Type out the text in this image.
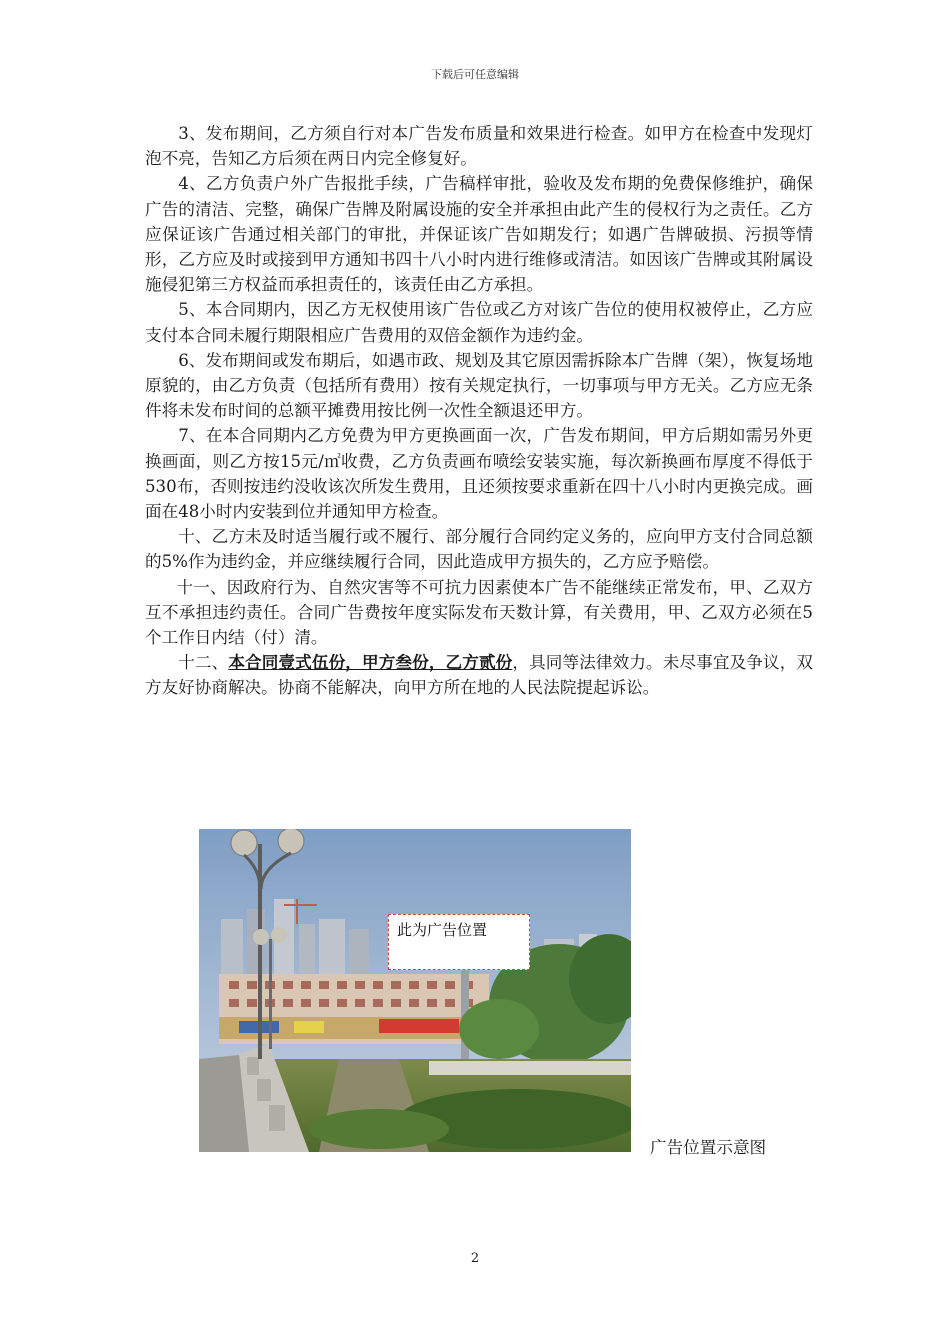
下载后可任意编辑

3、发布期间，乙方须自行对本广告发布质量和效果进行检查。如甲方在检查中发现灯泡不亮，告知乙方后须在两日内完全修复好。

4、乙方负责户外广告报批手续，广告稿样审批，验收及发布期的免费保修维护，确保广告的清洁、完整，确保广告牌及附属设施的安全并承担由此产生的侵权行为之责任。乙方应保证该广告通过相关部门的审批，并保证该广告如期发行；如遇广告牌破损、污损等情形，乙方应及时或接到甲方通知书四十八小时内进行维修或清洁。如因该广告牌或其附属设施侵犯第三方权益而承担责任的，该责任由乙方承担。

5、本合同期内，因乙方无权使用该广告位或乙方对该广告位的使用权被停止，乙方应支付本合同未履行期限相应广告费用的双倍金额作为违约金。

6、发布期间或发布期后，如遇市政、规划及其它原因需拆除本广告牌（架），恢复场地原貌的，由乙方负责（包括所有费用）按有关规定执行，一切事项与甲方无关。乙方应无条件将未发布时间的总额平摊费用按比例一次性全额退还甲方。

7、在本合同期内乙方免费为甲方更换画面一次，广告发布期间，甲方后期如需另外更换画面，则乙方按15元/㎡收费，乙方负责画布喷绘安装实施，每次新换画布厚度不得低于530布，否则按违约没收该次所发生费用，且还须按要求重新在四十八小时内更换完成。画面在48小时内安装到位并通知甲方检查。

十、乙方未及时适当履行或不履行、部分履行合同约定义务的，应向甲方支付合同总额的5%作为违约金，并应继续履行合同，因此造成甲方损失的，乙方应予赔偿。

十一、因政府行为、自然灾害等不可抗力因素使本广告不能继续正常发布，甲、乙双方互不承担违约责任。合同广告费按年度实际发布天数计算，有关费用，甲、乙双方必须在5个工作日内结（付）清。

十二、本合同壹式伍份，甲方叁份，乙方贰份，具同等法律效力。未尽事宜及争议，双方友好协商解决。协商不能解决，向甲方所在地的人民法院提起诉讼。

此为广告位置
广告位置示意图
2
